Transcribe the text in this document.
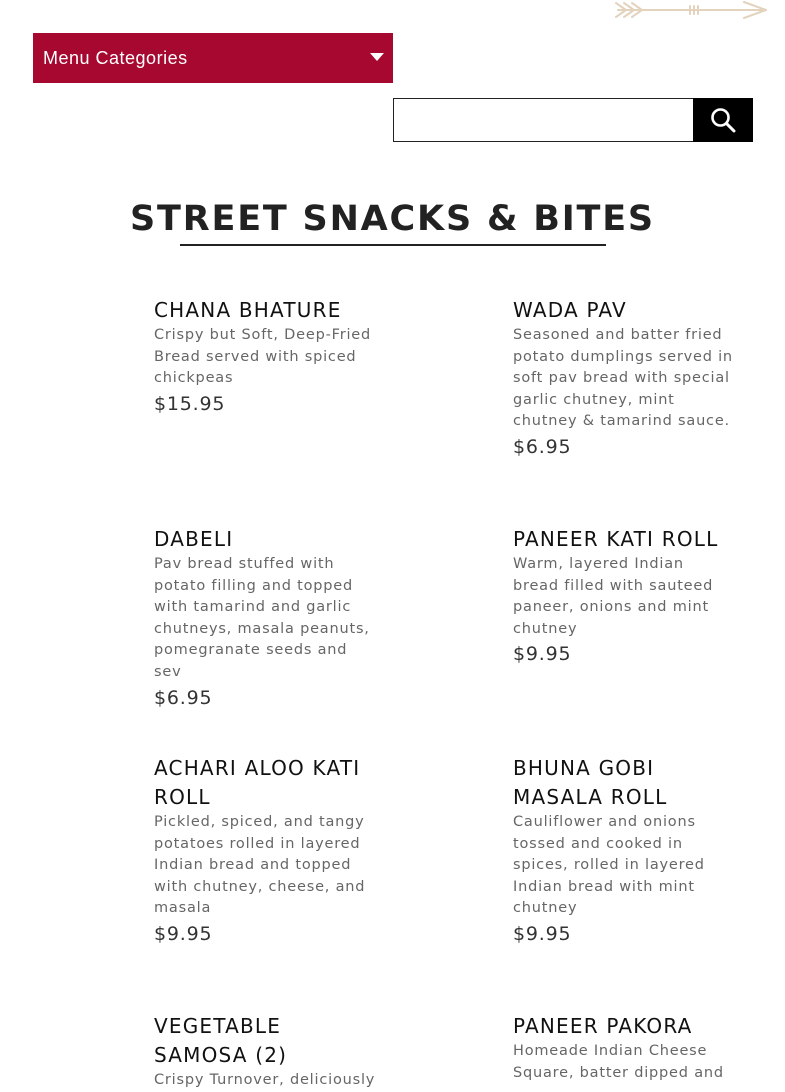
Menu Categories
STREET SNACKS & BITES
CHANA BHATURE
Crispy but Soft, Deep-Fried Bread served with spiced chickpeas
$15.95
WADA PAV
Seasoned and batter fried potato dumplings served in soft pav bread with special garlic chutney, mint chutney & tamarind sauce.
$6.95
DABELI
Pav bread stuffed with potato filling and topped with tamarind and garlic chutneys, masala peanuts, pomegranate seeds and sev
$6.95
PANEER KATI ROLL
Warm, layered Indian bread filled with sauteed paneer, onions and mint chutney
$9.95
ACHARI ALOO KATI ROLL
Pickled, spiced, and tangy potatoes rolled in layered Indian bread and topped with chutney, cheese, and masala
$9.95
BHUNA GOBI MASALA ROLL
Cauliflower and onions tossed and cooked in spices, rolled in layered Indian bread with mint chutney
$9.95
VEGETABLE SAMOSA (2)
Crispy Turnover, deliciously
PANEER PAKORA
Homeade Indian Cheese Square, batter dipped and
